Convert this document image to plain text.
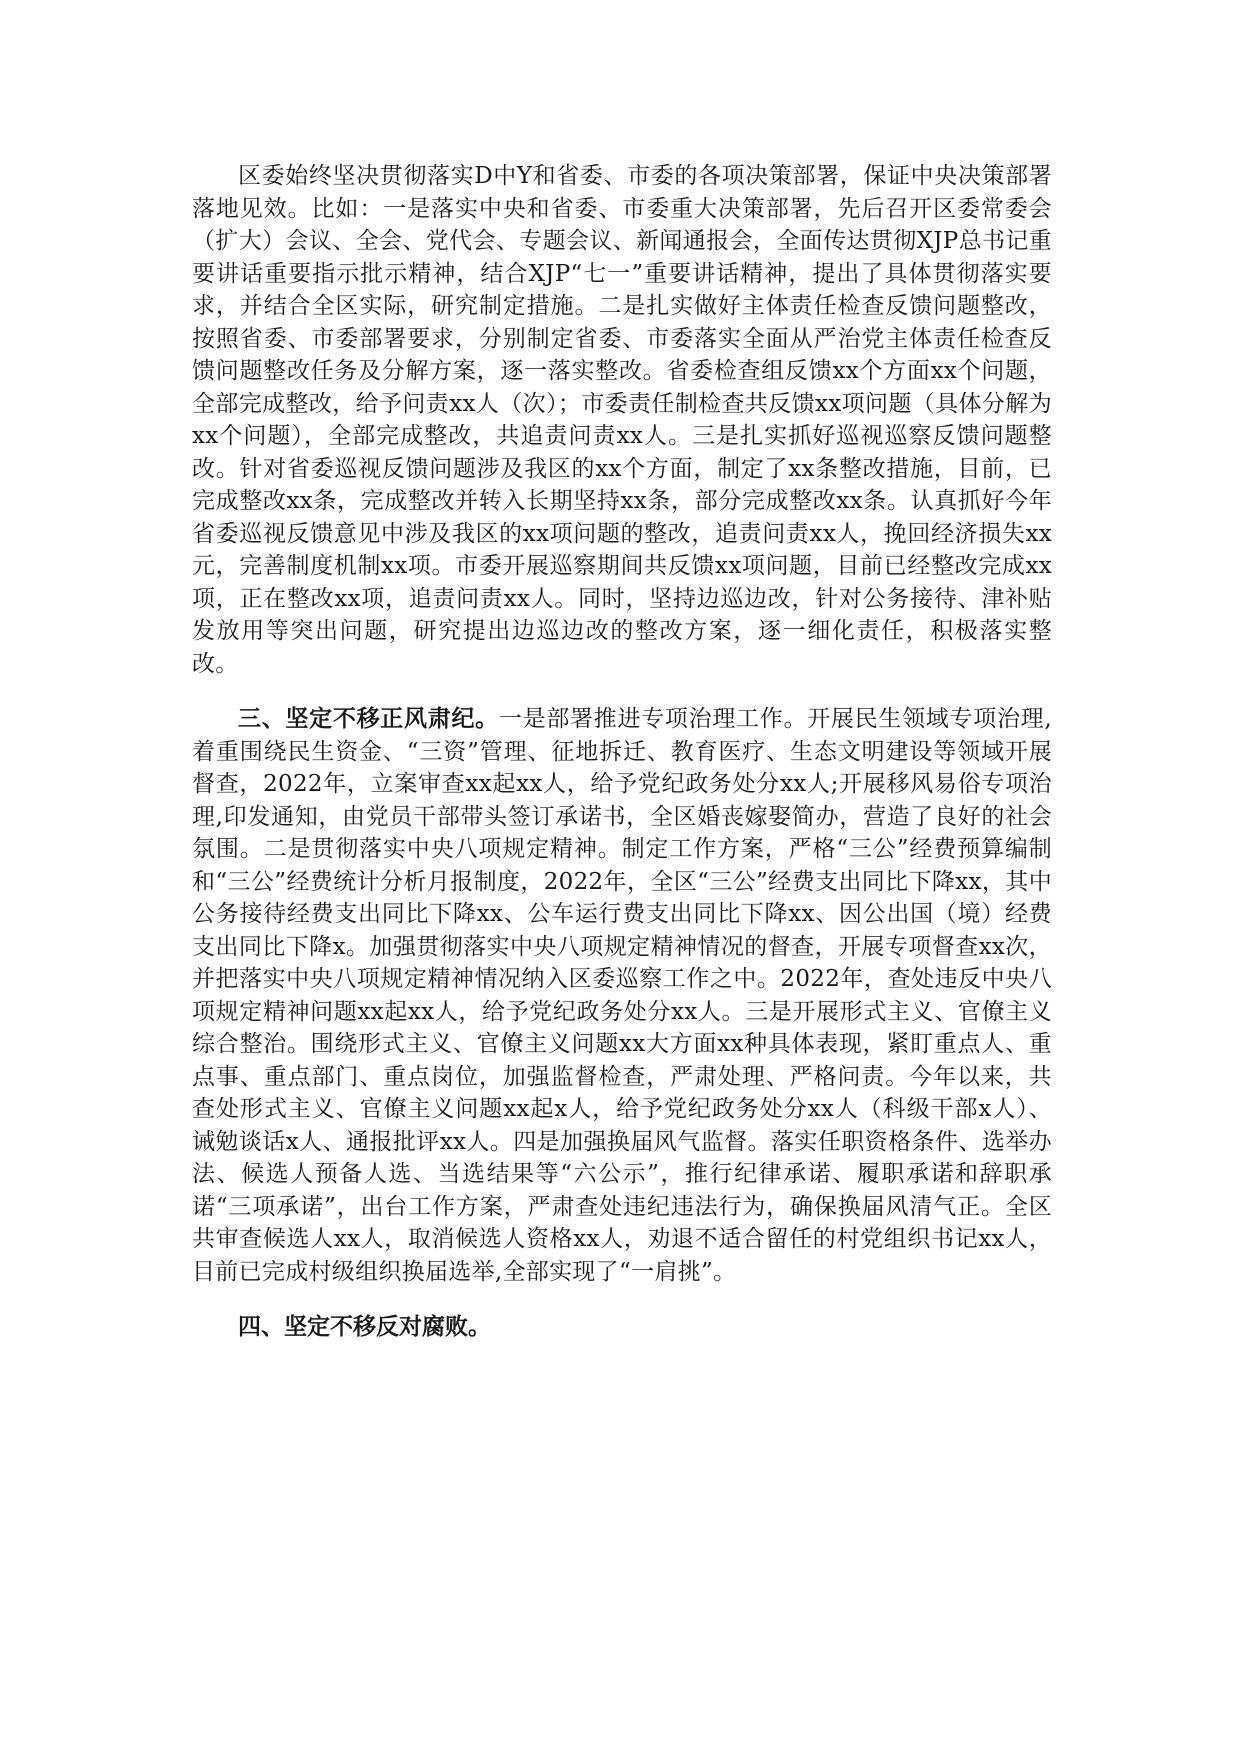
区委始终坚决贯彻落实D中Y和省委、市委的各项决策部署，保证中央决策部署落地见效。比如：一是落实中央和省委、市委重大决策部署，先后召开区委常委会（扩大）会议、全会、党代会、专题会议、新闻通报会，全面传达贯彻XJP总书记重要讲话重要指示批示精神，结合XJP“七一”重要讲话精神，提出了具体贯彻落实要求，并结合全区实际，研究制定措施。二是扎实做好主体责任检查反馈问题整改，按照省委、市委部署要求，分别制定省委、市委落实全面从严治党主体责任检查反馈问题整改任务及分解方案，逐一落实整改。省委检查组反馈xx个方面xx个问题，全部完成整改，给予问责xx人（次）；市委责任制检查共反馈xx项问题（具体分解为xx个问题），全部完成整改，共追责问责xx人。三是扎实抓好巡视巡察反馈问题整改。针对省委巡视反馈问题涉及我区的xx个方面，制定了xx条整改措施，目前，已完成整改xx条，完成整改并转入长期坚持xx条，部分完成整改xx条。认真抓好今年省委巡视反馈意见中涉及我区的xx项问题的整改，追责问责xx人，挽回经济损失xx元，完善制度机制xx项。市委开展巡察期间共反馈xx项问题，目前已经整改完成xx项，正在整改xx项，追责问责xx人。同时，坚持边巡边改，针对公务接待、津补贴发放用等突出问题，研究提出边巡边改的整改方案，逐一细化责任，积极落实整改。

三、坚定不移正风肃纪。一是部署推进专项治理工作。开展民生领域专项治理,着重围绕民生资金、“三资”管理、征地拆迁、教育医疗、生态文明建设等领域开展督查，2022年，立案审查xx起xx人，给予党纪政务处分xx人;开展移风易俗专项治理,印发通知，由党员干部带头签订承诺书，全区婚丧嫁娶简办，营造了良好的社会氛围。二是贯彻落实中央八项规定精神。制定工作方案，严格“三公”经费预算编制和“三公”经费统计分析月报制度，2022年，全区“三公”经费支出同比下降xx，其中公务接待经费支出同比下降xx、公车运行费支出同比下降xx、因公出国（境）经费支出同比下降x。加强贯彻落实中央八项规定精神情况的督查，开展专项督查xx次，并把落实中央八项规定精神情况纳入区委巡察工作之中。2022年，查处违反中央八项规定精神问题xx起xx人，给予党纪政务处分xx人。三是开展形式主义、官僚主义综合整治。围绕形式主义、官僚主义问题xx大方面xx种具体表现，紧盯重点人、重点事、重点部门、重点岗位，加强监督检查，严肃处理、严格问责。今年以来，共查处形式主义、官僚主义问题xx起x人，给予党纪政务处分xx人（科级干部x人）、诫勉谈话x人、通报批评xx人。四是加强换届风气监督。落实任职资格条件、选举办法、候选人预备人选、当选结果等“六公示”，推行纪律承诺、履职承诺和辞职承诺“三项承诺”，出台工作方案，严肃查处违纪违法行为，确保换届风清气正。全区共审查候选人xx人，取消候选人资格xx人，劝退不适合留任的村党组织书记xx人，目前已完成村级组织换届选举,全部实现了“一肩挑”。

四、坚定不移反对腐败。
